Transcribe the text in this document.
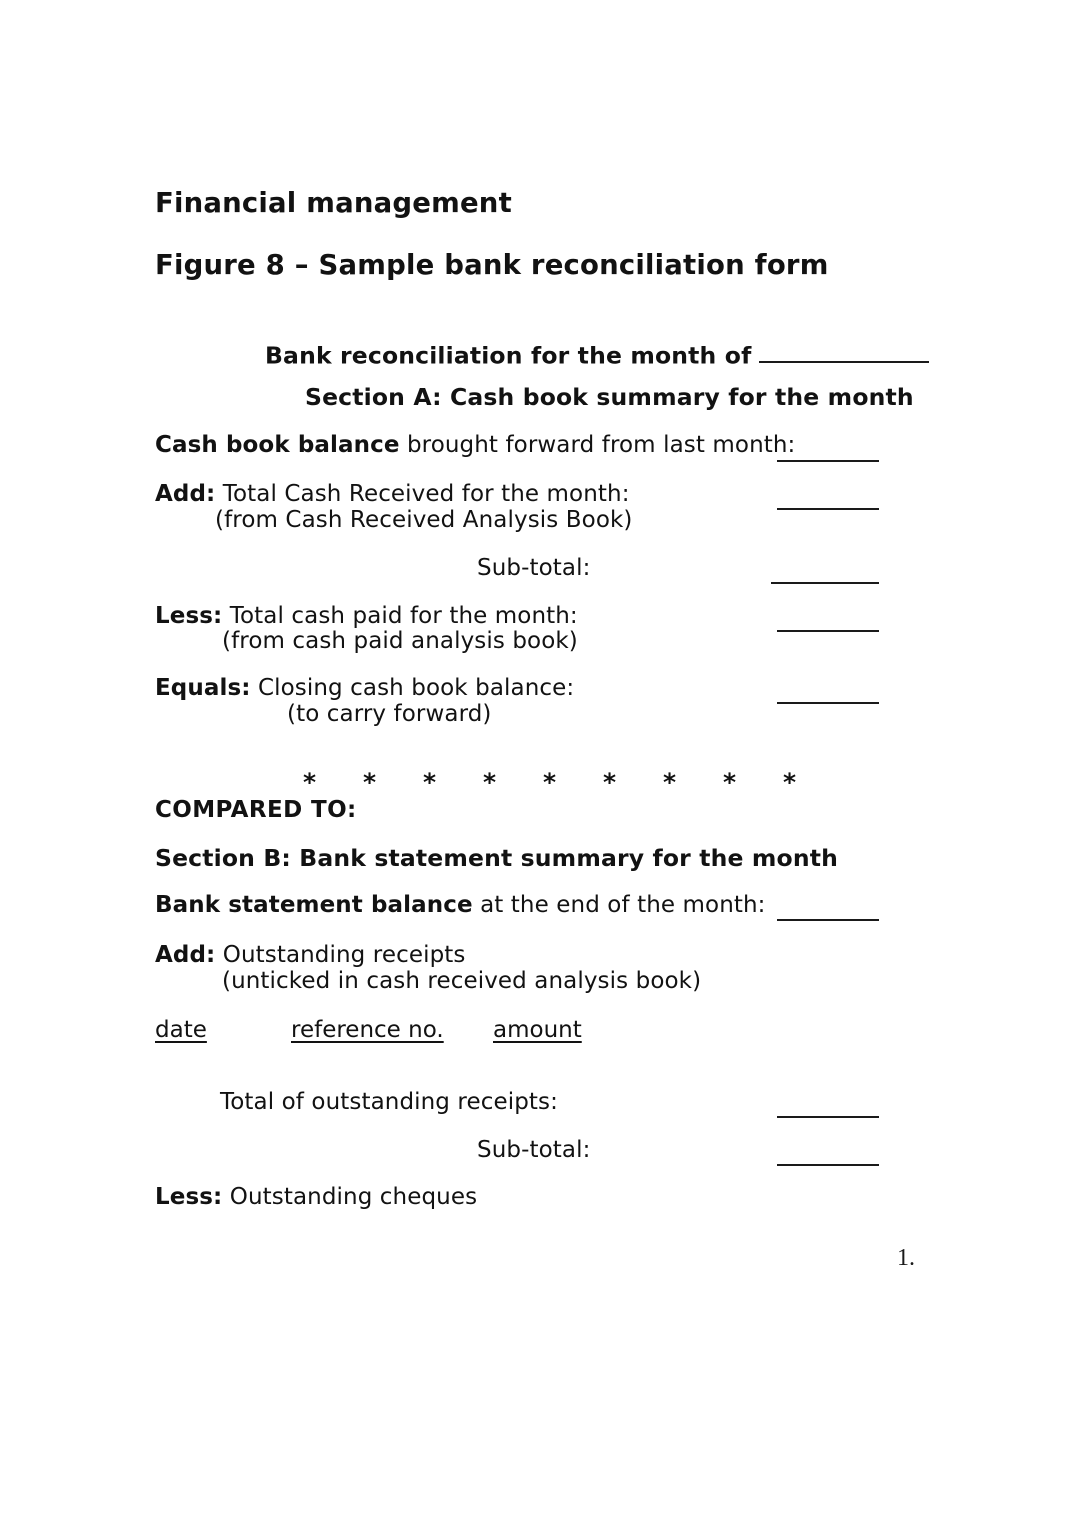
Financial management
Figure 8 – Sample bank reconciliation form
Bank reconciliation for the month of
Section A: Cash book summary for the month
Cash book balance brought forward from last month:
Add: Total Cash Received for the month:
(from Cash Received Analysis Book)
Sub-total:
Less: Total cash paid for the month:
(from cash paid analysis book)
Equals: Closing cash book balance:
(to carry forward)
*	*	*	*	*	*	*	*	*
COMPARED TO:
Section B: Bank statement summary for the month
Bank statement balance at the end of the month:
Add: Outstanding receipts
(unticked in cash received analysis book)
date	reference no. amount
Total of outstanding receipts:
Sub-total:
Less: Outstanding cheques
1.
